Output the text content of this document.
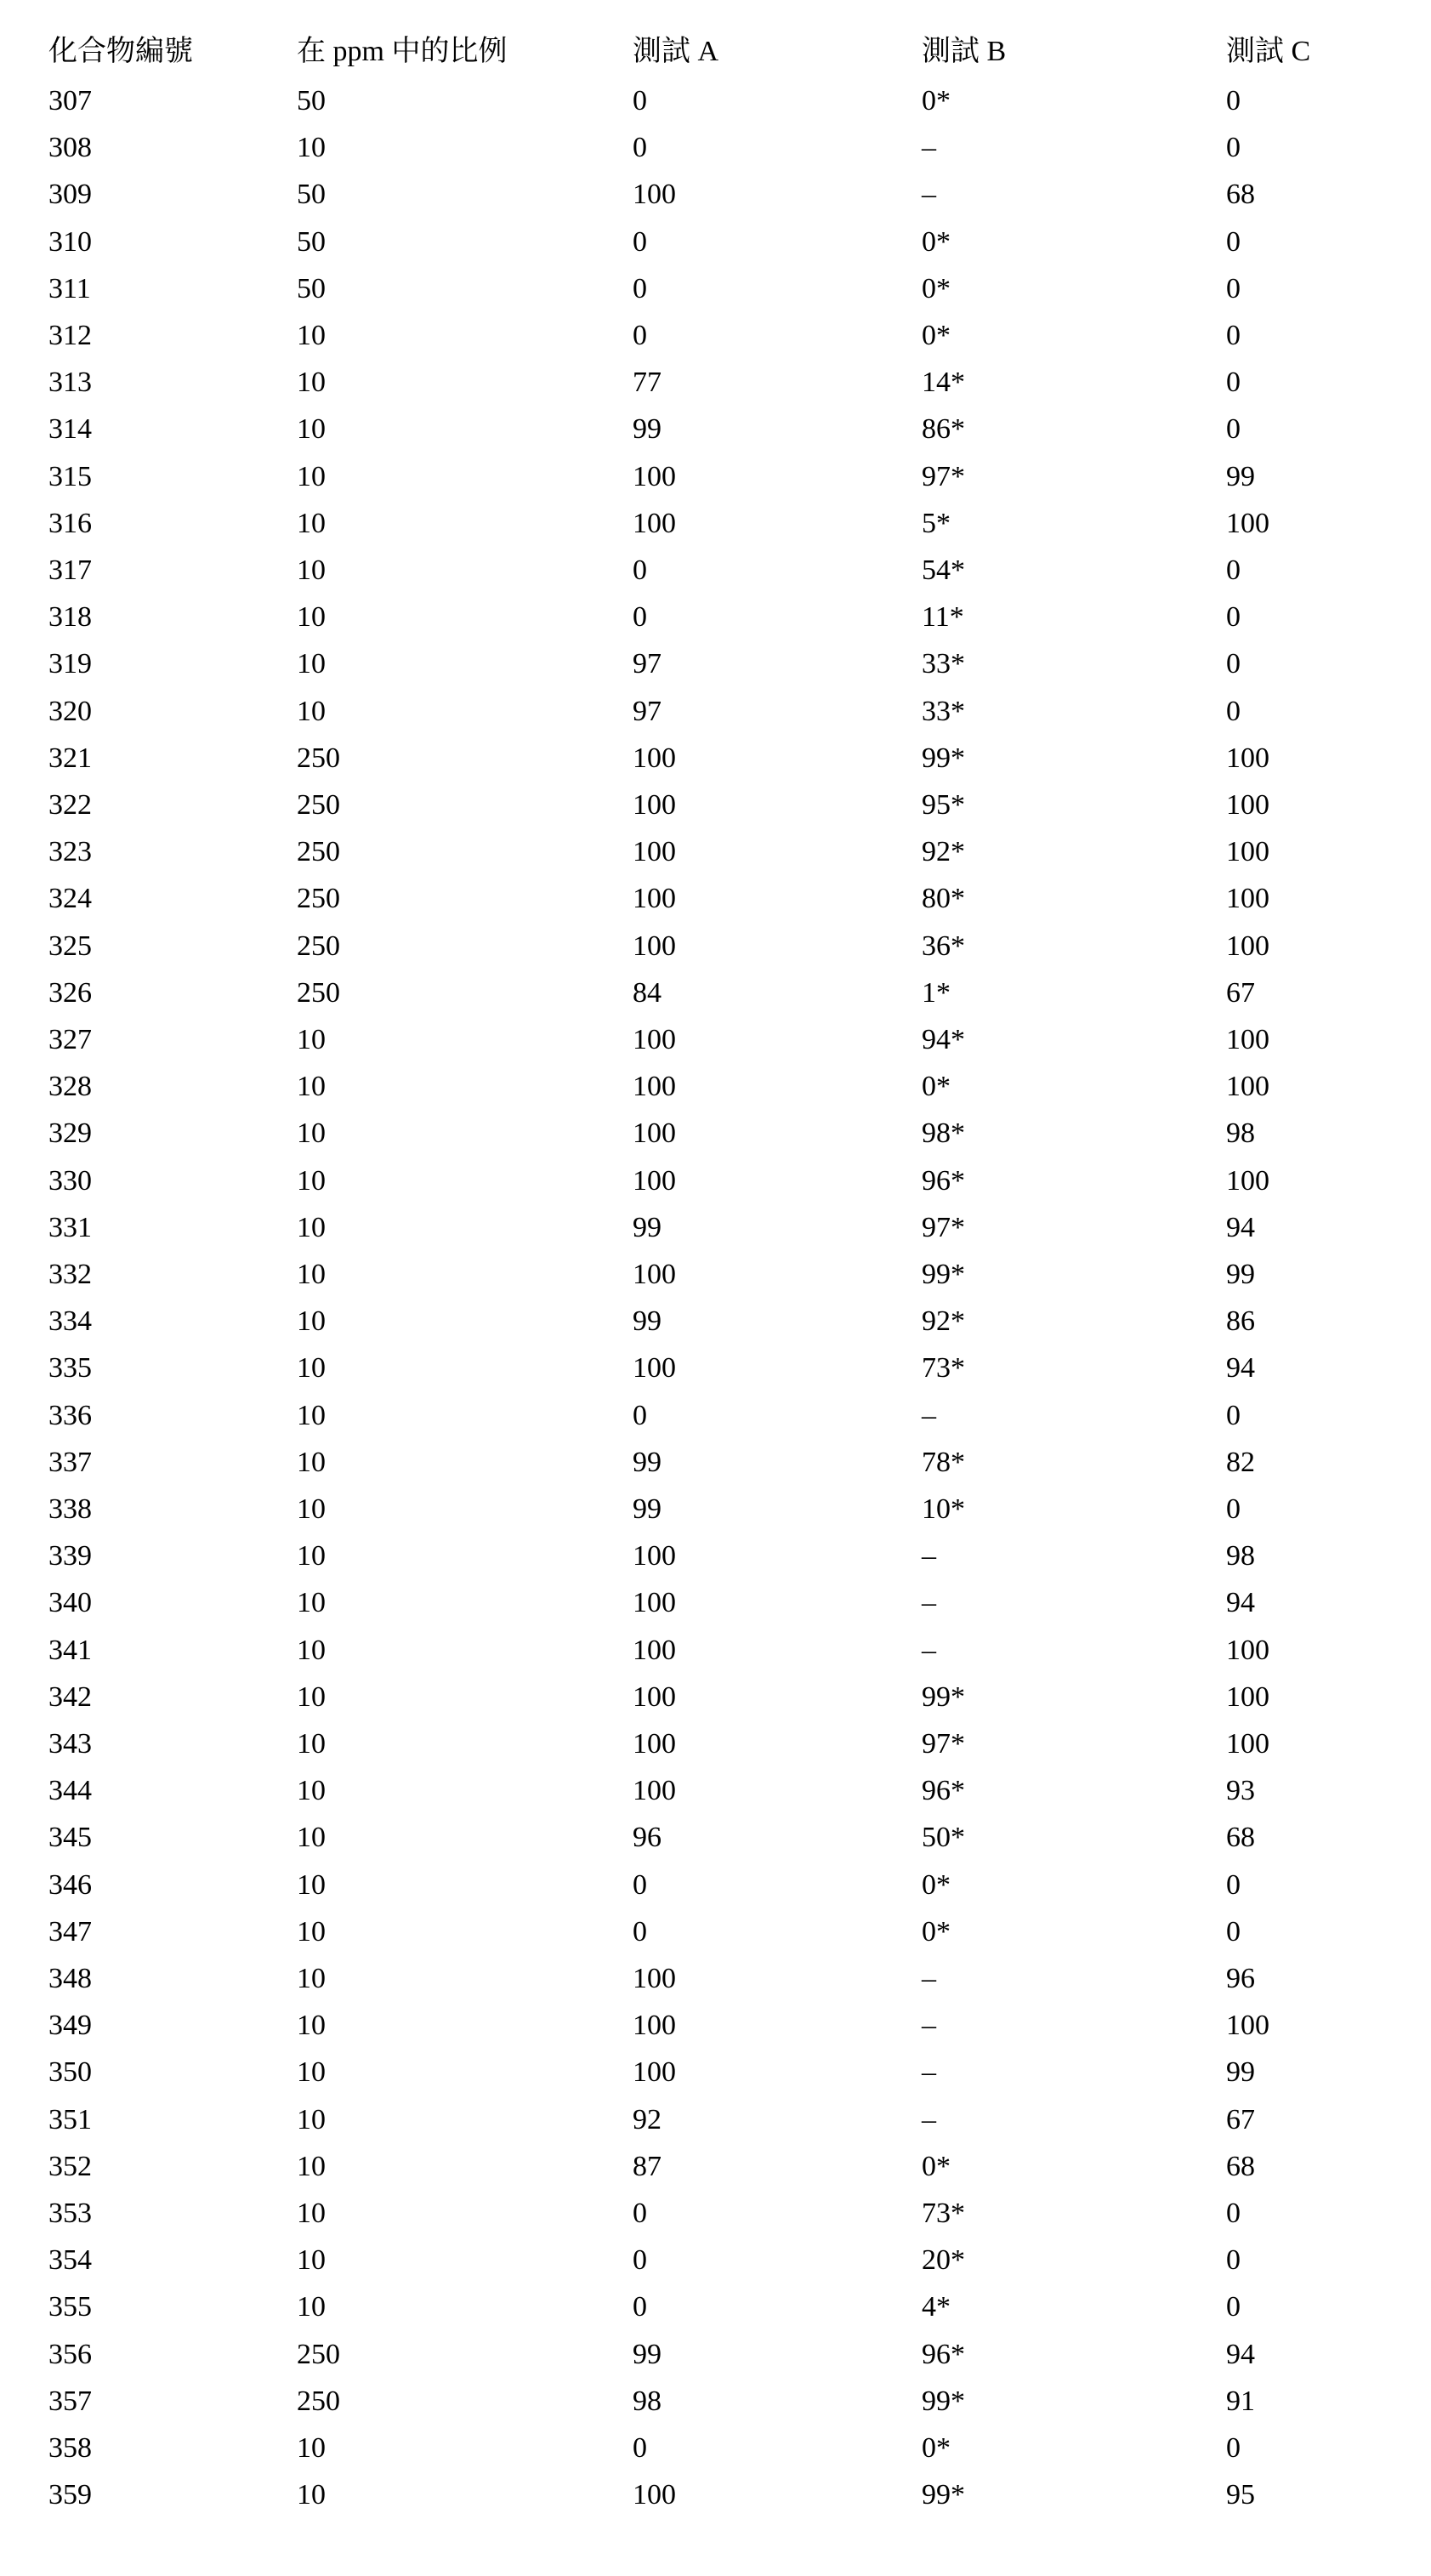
化合物編號	在 ppm 中的比例	測試 A	測試 B	測試 C
307	50	0	0*	0
308	10	0	–	0
309	50	100	–	68
310	50	0	0*	0
311	50	0	0*	0
312	10	0	0*	0
313	10	77	14*	0
314	10	99	86*	0
315	10	100	97*	99
316	10	100	5*	100
317	10	0	54*	0
318	10	0	11*	0
319	10	97	33*	0
320	10	97	33*	0
321	250	100	99*	100
322	250	100	95*	100
323	250	100	92*	100
324	250	100	80*	100
325	250	100	36*	100
326	250	84	1*	67
327	10	100	94*	100
328	10	100	0*	100
329	10	100	98*	98
330	10	100	96*	100
331	10	99	97*	94
332	10	100	99*	99
334	10	99	92*	86
335	10	100	73*	94
336	10	0	–	0
337	10	99	78*	82
338	10	99	10*	0
339	10	100	–	98
340	10	100	–	94
341	10	100	–	100
342	10	100	99*	100
343	10	100	97*	100
344	10	100	96*	93
345	10	96	50*	68
346	10	0	0*	0
347	10	0	0*	0
348	10	100	–	96
349	10	100	–	100
350	10	100	–	99
351	10	92	–	67
352	10	87	0*	68
353	10	0	73*	0
354	10	0	20*	0
355	10	0	4*	0
356	250	99	96*	94
357	250	98	99*	91
358	10	0	0*	0
359	10	100	99*	95
